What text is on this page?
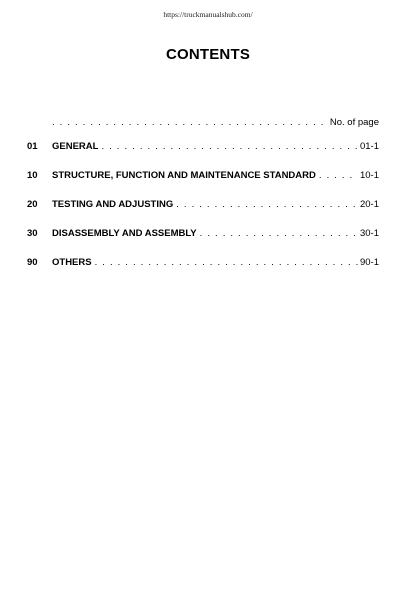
https://truckmanualshub.com/
CONTENTS
. . .
No. of page
01	GENERAL . . .	01-1
10	STRUCTURE, FUNCTION AND MAINTENANCE STANDARD . . .	10-1
20	TESTING AND ADJUSTING . . .	20-1
30	DISASSEMBLY AND ASSEMBLY . . .	30-1
90	OTHERS . . .	90-1
